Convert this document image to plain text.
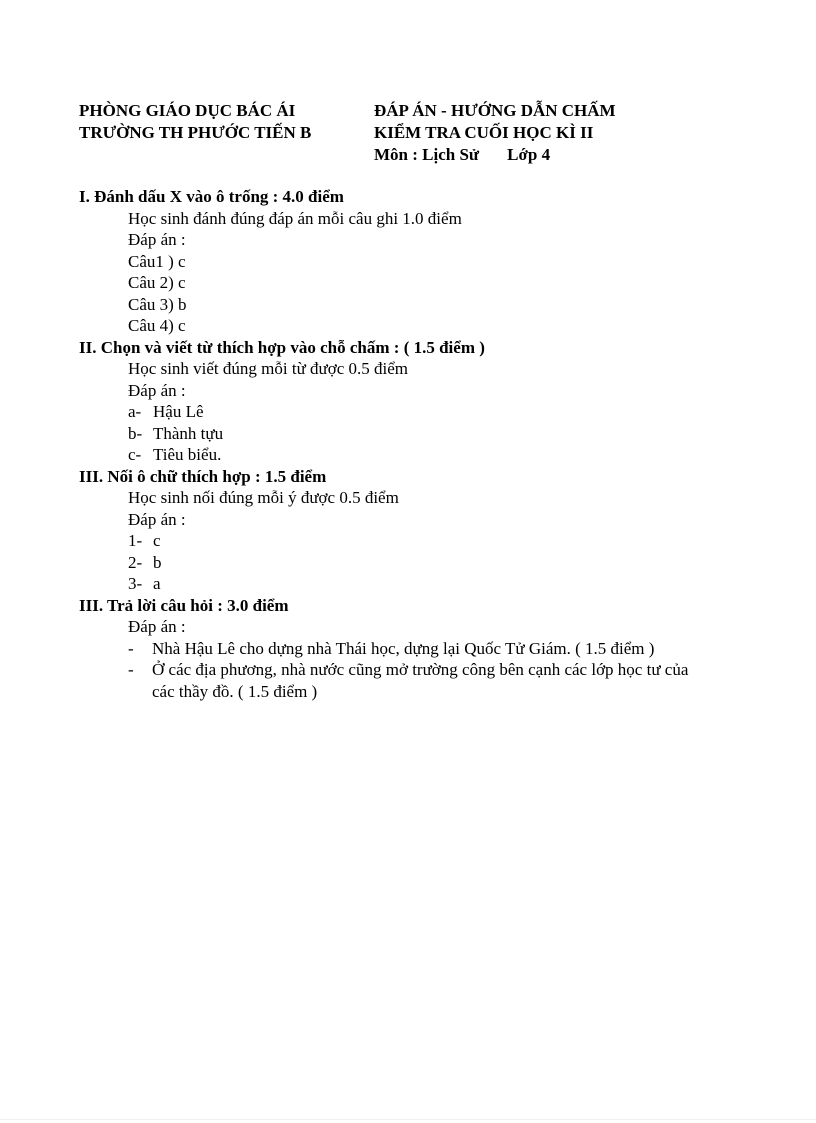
PHÒNG GIÁO DỤC BÁC ÁI
TRƯỜNG TH PHƯỚC TIẾN B
ĐÁP ÁN - HƯỚNG DẪN CHẤM
KIỂM TRA CUỐI HỌC KÌ II
Môn : Lịch Sử Lớp 4
I. Đánh dấu X vào ô trống : 4.0 điểm
Học sinh đánh đúng đáp án mỗi câu ghi 1.0 điểm
Đáp án :
Câu1 ) c
Câu 2) c
Câu 3) b
Câu 4) c
II. Chọn và viết từ thích hợp vào chỗ chấm : ( 1.5 điểm )
Học sinh viết đúng mỗi từ được 0.5 điểm
Đáp án :
a- Hậu Lê
b- Thành tựu
c- Tiêu biểu.
III. Nối ô chữ thích hợp : 1.5 điểm
Học sinh nối đúng mỗi ý được 0.5 điểm
Đáp án :
1- c
2- b
3- a
III. Trả lời câu hỏi : 3.0 điểm
Đáp án :
- Nhà Hậu Lê cho dựng nhà Thái học, dựng lại Quốc Tử Giám. ( 1.5 điểm )
- Ở các địa phương, nhà nước cũng mở trường công bên cạnh các lớp học tư của
các thầy đồ. ( 1.5 điểm )
